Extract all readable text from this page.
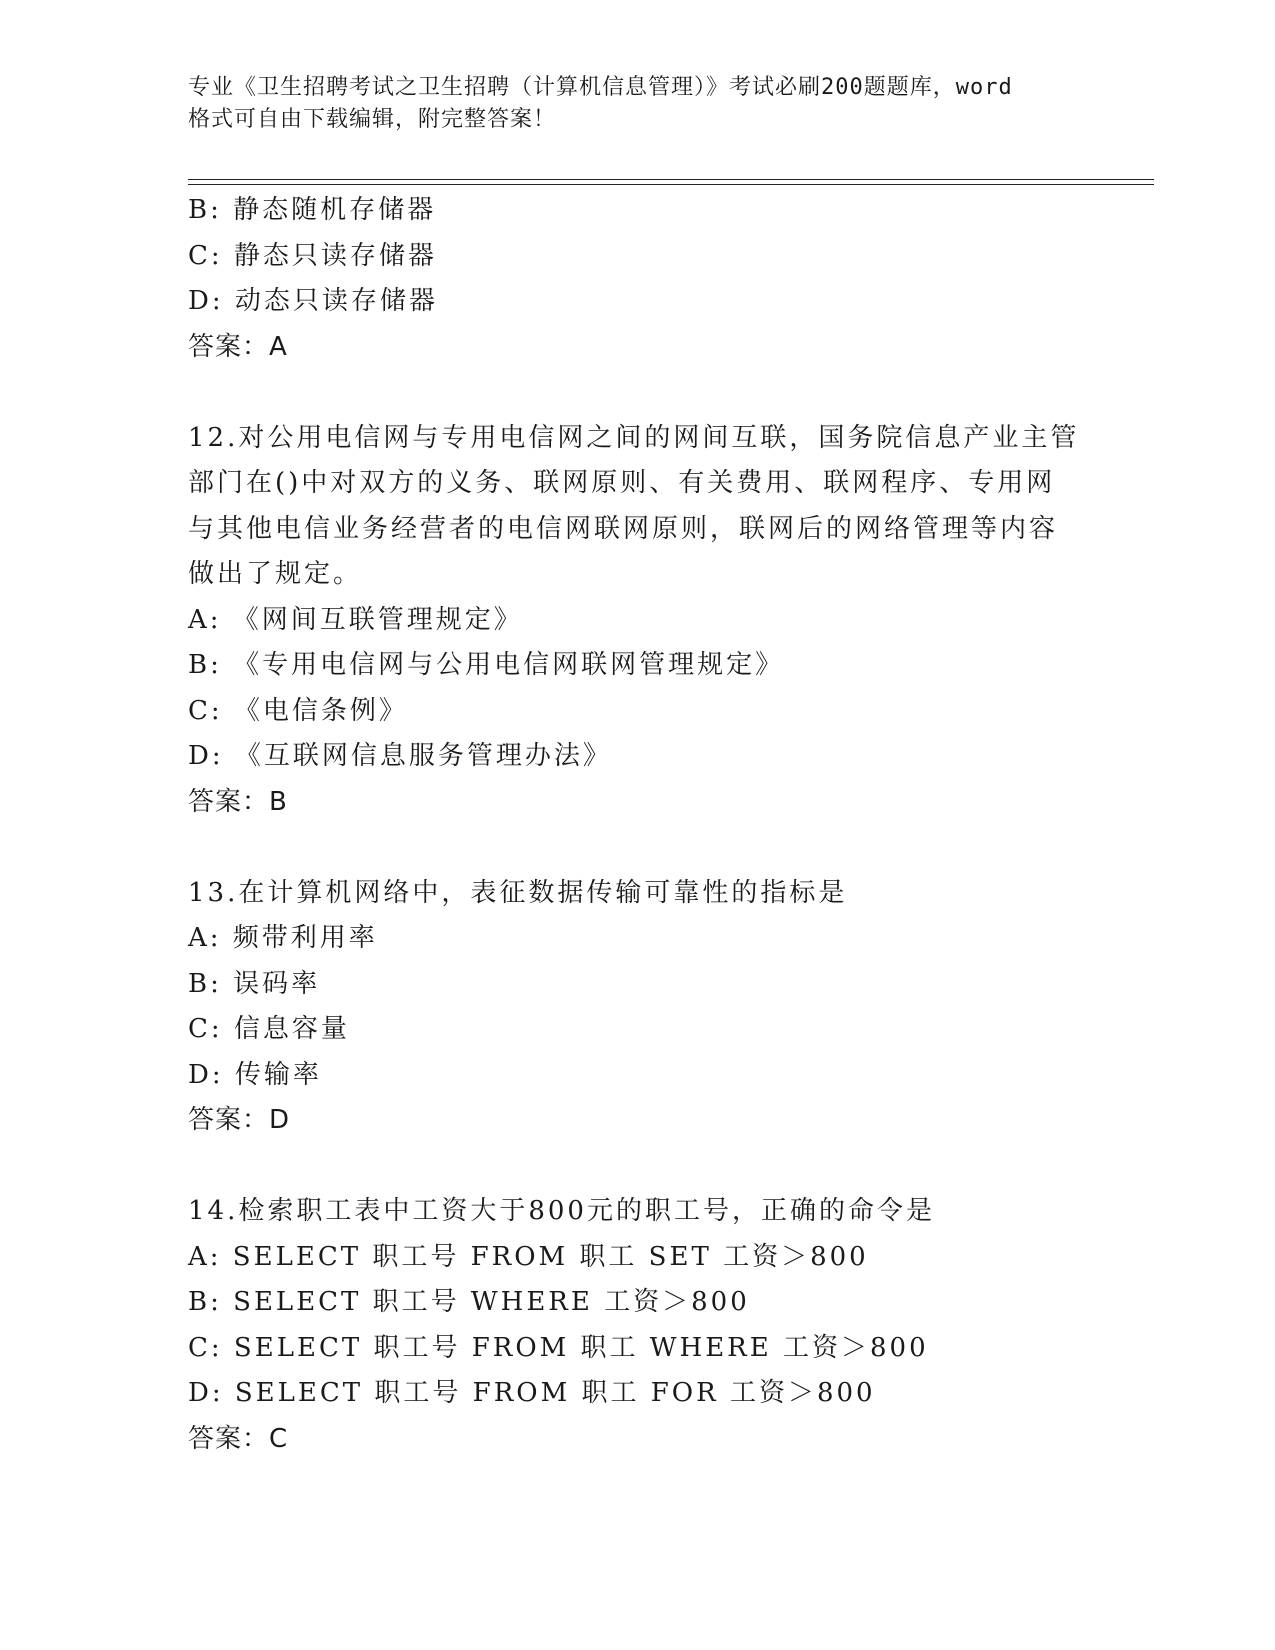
专业《卫生招聘考试之卫生招聘（计算机信息管理）》考试必刷200题题库，word
格式可自由下载编辑，附完整答案！
B: 静态随机存储器
C: 静态只读存储器
D: 动态只读存储器
答案：A
12.对公用电信网与专用电信网之间的网间互联，国务院信息产业主管
部门在()中对双方的义务、联网原则、有关费用、联网程序、专用网
与其他电信业务经营者的电信网联网原则，联网后的网络管理等内容
做出了规定。
A: 《网间互联管理规定》
B: 《专用电信网与公用电信网联网管理规定》
C: 《电信条例》
D: 《互联网信息服务管理办法》
答案：B
13.在计算机网络中，表征数据传输可靠性的指标是
A: 频带利用率
B: 误码率
C: 信息容量
D: 传输率
答案：D
14.检索职工表中工资大于800元的职工号，正确的命令是
A: SELECT 职工号 FROM 职工 SET 工资＞800
B: SELECT 职工号 WHERE 工资＞800
C: SELECT 职工号 FROM 职工 WHERE 工资＞800
D: SELECT 职工号 FROM 职工 FOR 工资＞800
答案：C
